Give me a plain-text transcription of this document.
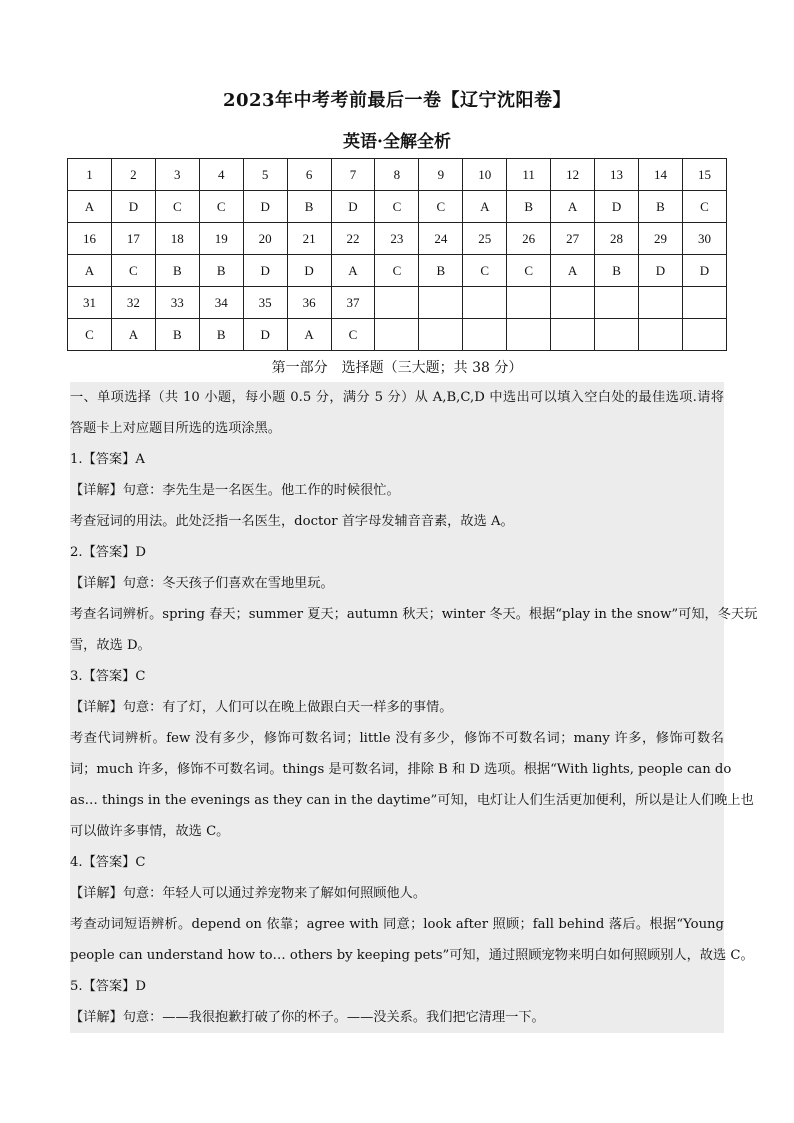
2023年中考考前最后一卷【辽宁沈阳卷】
英语·全解全析
1	2	3	4	5	6	7	8	9	10	11	12	13	14	15
A	D	C	C	D	B	D	C	C	A	B	A	D	B	C
16	17	18	19	20	21	22	23	24	25	26	27	28	29	30
A	C	B	B	D	D	A	C	B	C	C	A	B	D	D
31	32	33	34	35	36	37								
C	A	B	B	D	A	C								
第一部分　选择题（三大题；共 38 分）
一、单项选择（共 10 小题，每小题 0.5 分，满分 5 分）从 A,B,C,D 中选出可以填入空白处的最佳选项.请将
答题卡上对应题目所选的选项涂黑。
1.【答案】A
【详解】句意：李先生是一名医生。他工作的时候很忙。
考查冠词的用法。此处泛指一名医生，doctor 首字母发辅音音素，故选 A。
2.【答案】D
【详解】句意：冬天孩子们喜欢在雪地里玩。
考查名词辨析。spring 春天；summer 夏天；autumn 秋天；winter 冬天。根据“play in the snow”可知，冬天玩
雪，故选 D。
3.【答案】C
【详解】句意：有了灯，人们可以在晚上做跟白天一样多的事情。
考查代词辨析。few 没有多少，修饰可数名词；little 没有多少，修饰不可数名词；many 许多，修饰可数名
词；much 许多，修饰不可数名词。things 是可数名词，排除 B 和 D 选项。根据“With lights, people can do
as… things in the evenings as they can in the daytime”可知，电灯让人们生活更加便利，所以是让人们晚上也
可以做许多事情，故选 C。
4.【答案】C
【详解】句意：年轻人可以通过养宠物来了解如何照顾他人。
考查动词短语辨析。depend on 依靠；agree with 同意；look after 照顾；fall behind 落后。根据“Young
people can understand how to… others by keeping pets”可知，通过照顾宠物来明白如何照顾别人，故选 C。
5.【答案】D
【详解】句意：——我很抱歉打破了你的杯子。——没关系。我们把它清理一下。
